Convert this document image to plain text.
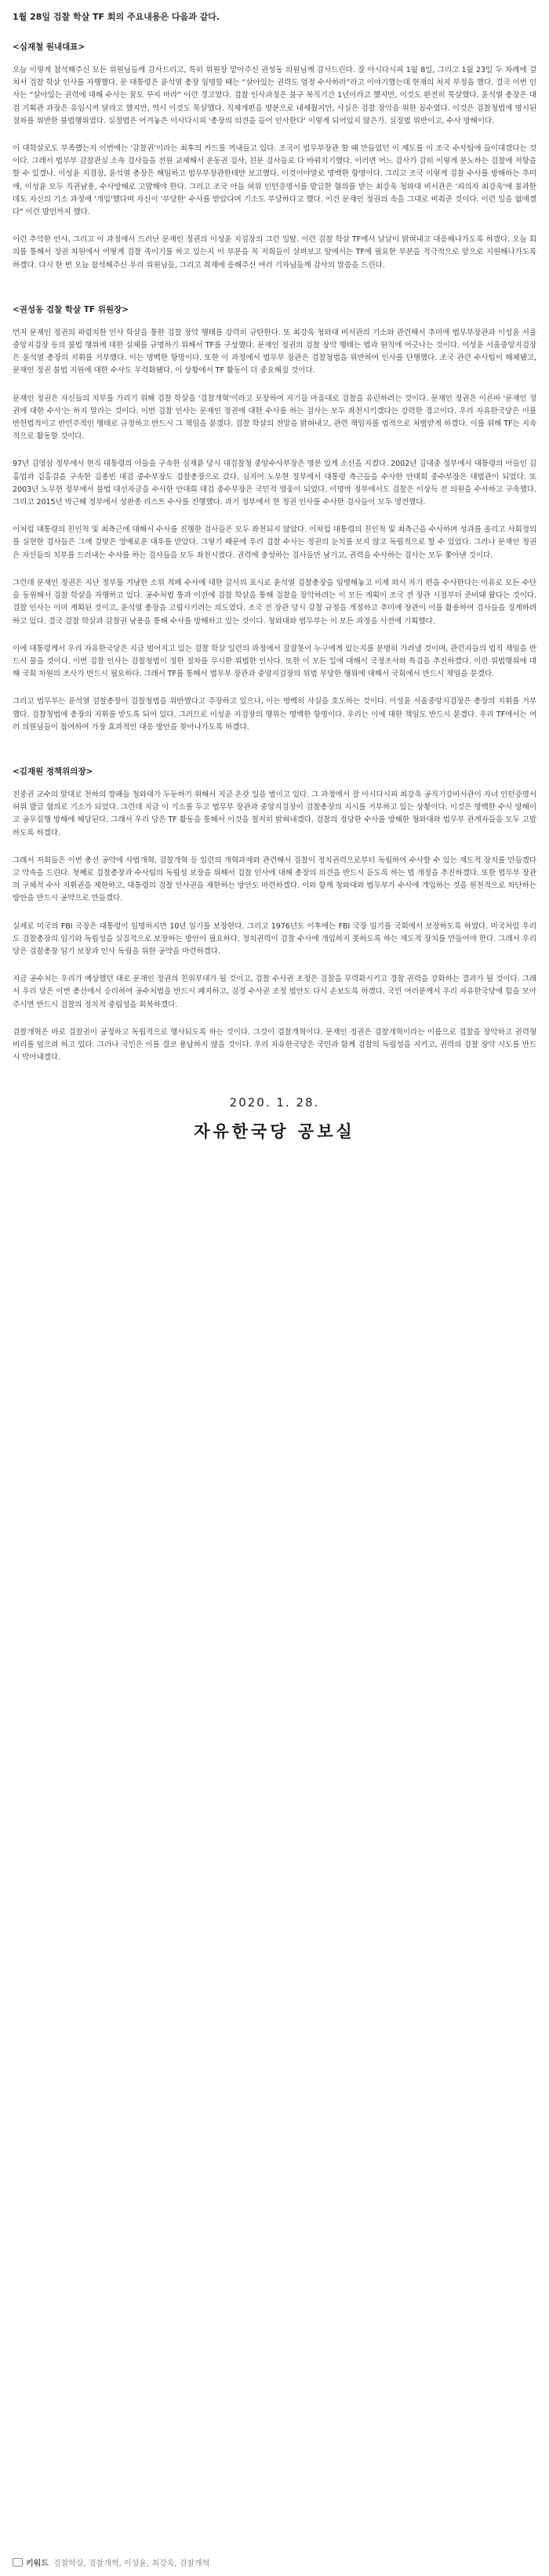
1월 28일 검찰 학살 TF 회의 주요내용은 다음과 같다.
<심재철 원내대표>

오늘 이렇게 참석해주신 모든 위원님들께 감사드리고, 특히 위원장 맡아주신 권성동 의원님께 감사드린다. 잘 아시다시피 1월 8일, 그리고 1월 23일 두 차례에 걸쳐서 검찰 학살 인사를 자행했다. 문 대통령은 윤석열 총장 임명할 때는 “살아있는 권력도 엄정 수사하라”라고 이야기했는데 현재의 처지 부정을 했다. 결국 이번 인사는 “살아있는 권력에 대해 수사는 꿈도 꾸지 마라” 이런 경고였다. 검찰 인사과정은 불구 복직기간 1년이라고 했지만, 이것도 완전히 묵살했다. 윤석열 총장은 대검 기획관 과장은 유임시켜 달라고 했지만, 역시 이것도 묵살했다. 직제개편을 명분으로 내세웠지만, 사실은 검찰 장악을 위한 꼼수였다. 이것은 검찰청법에 명시된 절차를 위반한 불법행위였다. 실정법은 어겨놓은 이사다시피 '총장의 의견을 들어 인사한다' 이렇게 되어있지 않은가. 실정법 위반이고, 수사 방해이다.

이 대학살로도 부족했는지 이번에는 '감찰권'이라는 최후의 카드를 꺼내들고 있다. 조국이 법무부장관 할 때 만들었던 이 제도를 이 조국 수사팀에 들이대겠다는 것이다. 그래서 법무부 감찰관실 소속 검사들을 전원 교체해서 운동권 검사, 친문 검사들로 다 바꿔치기했다. 이러면 어느 검사가 감히 이렇게 분노하는 검찰에 저항을 할 수 있겠나. 이성윤 지검장, 윤석열 총장은 해임하고 법무부장관한테만 보고했다. 이것이야말로 명백한 항명이다. 그리고 조국 이렇게 검찰 수사를 방해하는 추미애, 이성윤 모두 직권남용, 수사방해로 고발해야 한다. 그리고 조국 아들 허위 인턴증명서를 발급한 혐의를 받는 최강욱 청와대 비서관은 '피의자 최강욱'에 불과한데도 자신의 기소 과정에 '개입'했다며 자신이 '부당한' 수사를 받았다며 기소도 부당하다고 했다. 이건 문재인 정권의 속을 그대로 비춰준 것이다. 이런 일을 없애겠다" 이런 발언까지 했다.

이런 추악한 인사, 그리고 이 과정에서 드러난 문재인 정권의 이성윤 지검장의 그런 일탈. 이런 검찰 학살 TF에서 날날이 밝혀내고 대응해나가도록 하겠다. 오늘 회의를 통해서 정권 차원에서 어떻게 검찰 죽이기를 하고 있는지 이 부분을 꼭 저희들이 살펴보고 앞에서는 TF에 필요한 부분을 적극적으로 앞으로 지원해나가도록 하겠다. 다시 한 번 오늘 참석해주신 우리 위원님들, 그리고 취재에 응해주신 여러 기자님들께 감사의 말씀을 드린다.

<권성동 검찰 학살 TF 위원장>

먼저 문재인 정권의 파렴치한 인사 학살을 통한 검찰 장악 행태를 강력히 규탄한다. 또 최강욱 청와대 비서관의 기소와 관련해서 추미애 법무부장관과 이성윤 서울중앙지검장 등의 불법 행위에 대한 실체를 규명하기 위해서 TF를 구성했다. 문재인 정권의 검찰 장악 행태는 법과 원칙에 어긋나는 것이다. 이성윤 서울중앙지검장은 윤석열 총장의 지휘를 거부했다. 이는 명백한 항명이다. 또한 이 과정에서 법무부 장관은 검찰청법을 위반하여 인사를 단행했다. 조국 관련 수사팀이 해체됐고, 문재인 정권 불법 지원에 대한 수사도 무력화됐다. 이 상황에서 TF 활동이 더 중요해질 것이다.

문재인 정권은 자신들의 치부를 가리기 위해 검찰 학살을 '검찰개혁'이라고 포장하여 자기들 마음대로 검찰을 유린하려는 것이다. 문재인 정권은 이른바 '문재인 정권에 대한 수사'는 하지 말라는 것이다. 이번 검찰 인사는 문재인 정권에 대한 수사를 하는 검사는 모두 좌천시키겠다는 강력한 경고이다. 우리 자유한국당은 이를 반헌법적이고 반민주적인 행태로 규정하고 반드시 그 책임을 묻겠다. 검찰 학살의 전말을 밝혀내고, 관련 책임자를 법적으로 처벌받게 하겠다. 이를 위해 TF는 지속적으로 활동할 것이다.

97년 김영삼 정부에서 현직 대통령의 아들을 구속한 심재륜 당시 대검찰청 중앙수사부장은 명분 있게 소신을 지켰다. 2002년 김대중 정부에서 대통령의 아들인 김홍업과 김홍걸을 구속한 김종빈 대검 중수부장도 검찰총장으로 갔다. 심지어 노무현 정부에서 대통령 측근들을 수사한 안대희 중수부장은 대법관이 되었다. 또 2003년 노무현 정부에서 불법 대선자금을 수사한 안대희 대검 중수부장은 국민적 영웅이 되었다. 이명박 정부에서도 검찰은 이상득 전 의원을 수사하고 구속했다. 그리고 2015년 박근혜 정부에서 성완종 리스트 수사를 진행했다. 과거 정부에서 현 정권 인사를 수사한 검사들이 모두 영전했다.

이처럼 대통령의 친인척 및 최측근에 대해서 수사를 진행한 검사들은 모두 좌천되지 않았다. 이처럼 대통령의 친인척 및 최측근을 수사하며 성과를 올리고 사회정의를 실현한 검사들은 그에 걸맞은 영예로운 대우를 받았다. 그렇기 때문에 우리 검찰 수사는 정권의 눈치를 보지 않고 독립적으로 할 수 있었다. 그러나 문재인 정권은 자신들의 치부를 드러내는 수사를 하는 검사들을 모두 좌천시켰다. 권력에 충성하는 검사들만 남기고, 권력을 수사하는 검사는 모두 쫓아낸 것이다.

그런데 문재인 정권은 지난 정부를 겨냥한 소위 적폐 수사에 대한 감사의 표시로 윤석열 검찰총장을 임명해놓고 이제 와서 자기 편을 수사한다는 이유로 모든 수단을 동원해서 검찰 학살을 자행하고 있다. 공수처법 통과 이전에 검찰 학살을 통해 검찰을 장악하려는 이 모든 계획이 조국 전 장관 시절부터 준비돼 왔다는 것이다. 검찰 인사는 이미 계획된 것이고, 윤석열 총장을 고립시키려는 의도였다. 조국 전 장관 당시 감찰 규정을 개정하고 추미애 장관이 이를 활용하여 검사들을 징계하려 하고 있다. 결국 검찰 학살과 감찰권 남용을 통해 수사를 방해하고 있는 것이다. 청와대와 법무부는 이 모든 과정을 사전에 기획했다.

이에 대통령께서 우리 자유한국당은 지금 벌어지고 있는 검찰 학살 일련의 과정에서 잘잘못이 누구에게 있는지를 분명히 가려낼 것이며, 관련자들의 법적 책임을 반드시 물을 것이다. 이번 검찰 인사는 검찰청법이 정한 절차를 무시한 위법한 인사다. 또한 이 모든 일에 대해서 국정조사와 특검을 추진하겠다. 이런 위법행위에 대해 국회 차원의 조사가 반드시 필요하다. 그래서 TF를 통해서 법무부 장관과 중앙지검장의 위법 부당한 행위에 대해서 국회에서 반드시 책임을 묻겠다.

그리고 법무부는 윤석열 검찰총장이 검찰청법을 위반했다고 주장하고 있으나, 이는 명백히 사실을 호도하는 것이다. 이성윤 서울중앙지검장은 총장의 지휘를 거부했다. 검찰청법에 총장의 지휘를 받도록 되어 있다. 그러므로 이성윤 지검장의 행위는 명백한 항명이다. 우리는 이에 대한 책임도 반드시 묻겠다. 우리 TF에서는 여러 의원님들이 참여하여 가장 효과적인 대응 방안을 찾아나가도록 하겠다.

<김재원 정책위의장>

진중권 교수의 말대로 천하의 깡패들 청와대가 두둔하기 위해서 지금 온갖 일을 벌이고 있다. 그 과정에서 잘 아시다시피 최강욱 공직기강비서관이 자녀 인턴증명서 허위 발급 혐의로 기소가 되었다. 그런데 지금 이 기소를 두고 법무부 장관과 중앙지검장이 검찰총장의 지시를 거부하고 있는 상황이다. 이것은 명백한 수사 방해이고 공무집행 방해에 해당된다. 그래서 우리 당은 TF 활동을 통해서 이것을 철저히 밝혀내겠다. 검찰의 정당한 수사를 방해한 청와대와 법무부 관계자들을 모두 고발하도록 하겠다.

그래서 저희들은 이번 총선 공약에 사법개혁, 검찰개혁 등 일련의 개혁과제와 관련해서 검찰이 정치권력으로부터 독립하여 수사할 수 있는 제도적 장치를 만들겠다고 약속을 드린다. 첫째로 검찰총장과 수사팀의 독립성 보장을 위해서 검찰 인사에 대해 총장의 의견을 반드시 듣도록 하는 법 개정을 추진하겠다. 또한 법무부 장관의 구체적 수사 지휘권을 제한하고, 대통령의 검찰 인사권을 제한하는 방안도 마련하겠다. 이와 함께 청와대와 법무부가 수사에 개입하는 것을 원천적으로 차단하는 방안을 반드시 공약으로 만들겠다.

실제로 미국의 FBI 국장은 대통령이 임명하지만 10년 임기를 보장한다. 그리고 1976년도 이후에는 FBI 국장 임기를 국회에서 보장하도록 하였다. 미국처럼 우리도 검찰총장의 임기와 독립성을 실질적으로 보장하는 방안이 필요하다. 정치권력이 검찰 수사에 개입하지 못하도록 하는 제도적 장치를 만들어야 한다. 그래서 우리 당은 검찰총장 임기 보장과 인사 독립을 위한 공약을 마련하겠다.

지금 공수처는 우리가 예상했던 대로 문재인 정권의 친위부대가 될 것이고, 검찰 수사권 조정은 검찰을 무력화시키고 경찰 권력을 강화하는 결과가 될 것이다. 그래서 우리 당은 이번 총선에서 승리하여 공수처법을 반드시 폐지하고, 검경 수사권 조정 법안도 다시 손보도록 하겠다. 국민 여러분께서 우리 자유한국당에 힘을 모아주시면 반드시 검찰의 정치적 중립성을 회복하겠다.

검찰개혁은 바로 검찰권이 공정하고 독립적으로 행사되도록 하는 것이다. 그것이 검찰개혁이다. 문재인 정권은 검찰개혁이라는 이름으로 검찰을 장악하고 권력형 비리를 덮으려 하고 있다. 그러나 국민은 이를 결코 용납하지 않을 것이다. 우리 자유한국당은 국민과 함께 검찰의 독립성을 지키고, 권력의 검찰 장악 시도를 반드시 막아내겠다.

2020. 1. 28.
자유한국당 공보실
키워드 검찰학살, 검찰개혁, 이성윤, 최강욱, 검찰개혁
